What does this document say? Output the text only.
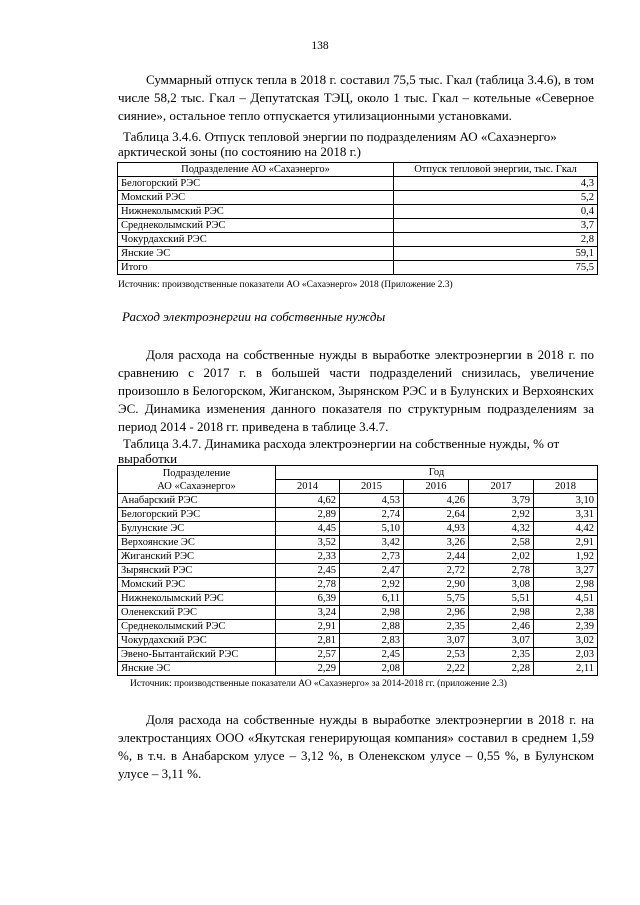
138

Суммарный отпуск тепла в 2018 г. составил 75,5 тыс. Гкал (таблица 3.4.6), в том числе 58,2 тыс. Гкал – Депутатская ТЭЦ, около 1 тыс. Гкал – котельные «Северное сияние», остальное тепло отпускается утилизационными установками.

Таблица 3.4.6. Отпуск тепловой энергии по подразделениям АО «Сахаэнерго» арктической зоны (по состоянию на 2018 г.)

Подразделение АО «Сахаэнерго»	Отпуск тепловой энергии, тыс. Гкал
Белогорский РЭС	4,3
Момский РЭС	5,2
Нижнеколымский РЭС	0,4
Среднеколымский РЭС	3,7
Чокурдахский РЭС	2,8
Янские ЭС	59,1
Итого	75,5

Источник: производственные показатели АО «Сахаэнерго» 2018 (Приложение 2.3)

Расход электроэнергии на собственные нужды

Доля расхода на собственные нужды в выработке электроэнергии в 2018 г. по сравнению с 2017 г. в большей части подразделений снизилась, увеличение произошло в Белогорском, Жиганском, Зырянском РЭС и в Булунских и Верхоянских ЭС. Динамика изменения данного показателя по структурным подразделениям за период 2014 - 2018 гг. приведена в таблице 3.4.7.

Таблица 3.4.7. Динамика расхода электроэнергии на собственные нужды, % от выработки

Подразделение
АО «Сахаэнерго»	Год				
	2014	2015	2016	2017	2018
Анабарский РЭС	4,62	4,53	4,26	3,79	3,10
Белогорский РЭС	2,89	2,74	2,64	2,92	3,31
Булунские ЭС	4,45	5,10	4,93	4,32	4,42
Верхоянские ЭС	3,52	3,42	3,26	2,58	2,91
Жиганский РЭС	2,33	2,73	2,44	2,02	1,92
Зырянский РЭС	2,45	2,47	2,72	2,78	3,27
Момский РЭС	2,78	2,92	2,90	3,08	2,98
Нижнеколымский РЭС	6,39	6,11	5,75	5,51	4,51
Оленекский РЭС	3,24	2,98	2,96	2,98	2,38
Среднеколымский РЭС	2,91	2,88	2,35	2,46	2,39
Чокурдахский РЭС	2,81	2,83	3,07	3,07	3,02
Эвено-Бытантайский РЭС	2,57	2,45	2,53	2,35	2,03
Янские ЭС	2,29	2,08	2,22	2,28	2,11

Источник: производственные показатели АО «Сахаэнерго» за 2014-2018 гг. (приложение 2.3)

Доля расхода на собственные нужды в выработке электроэнергии в 2018 г. на электростанциях ООО «Якутская генерирующая компания» составил в среднем 1,59 %, в т.ч. в Анабарском улусе – 3,12 %, в Оленекском улусе – 0,55 %, в Булунском улусе – 3,11 %.
